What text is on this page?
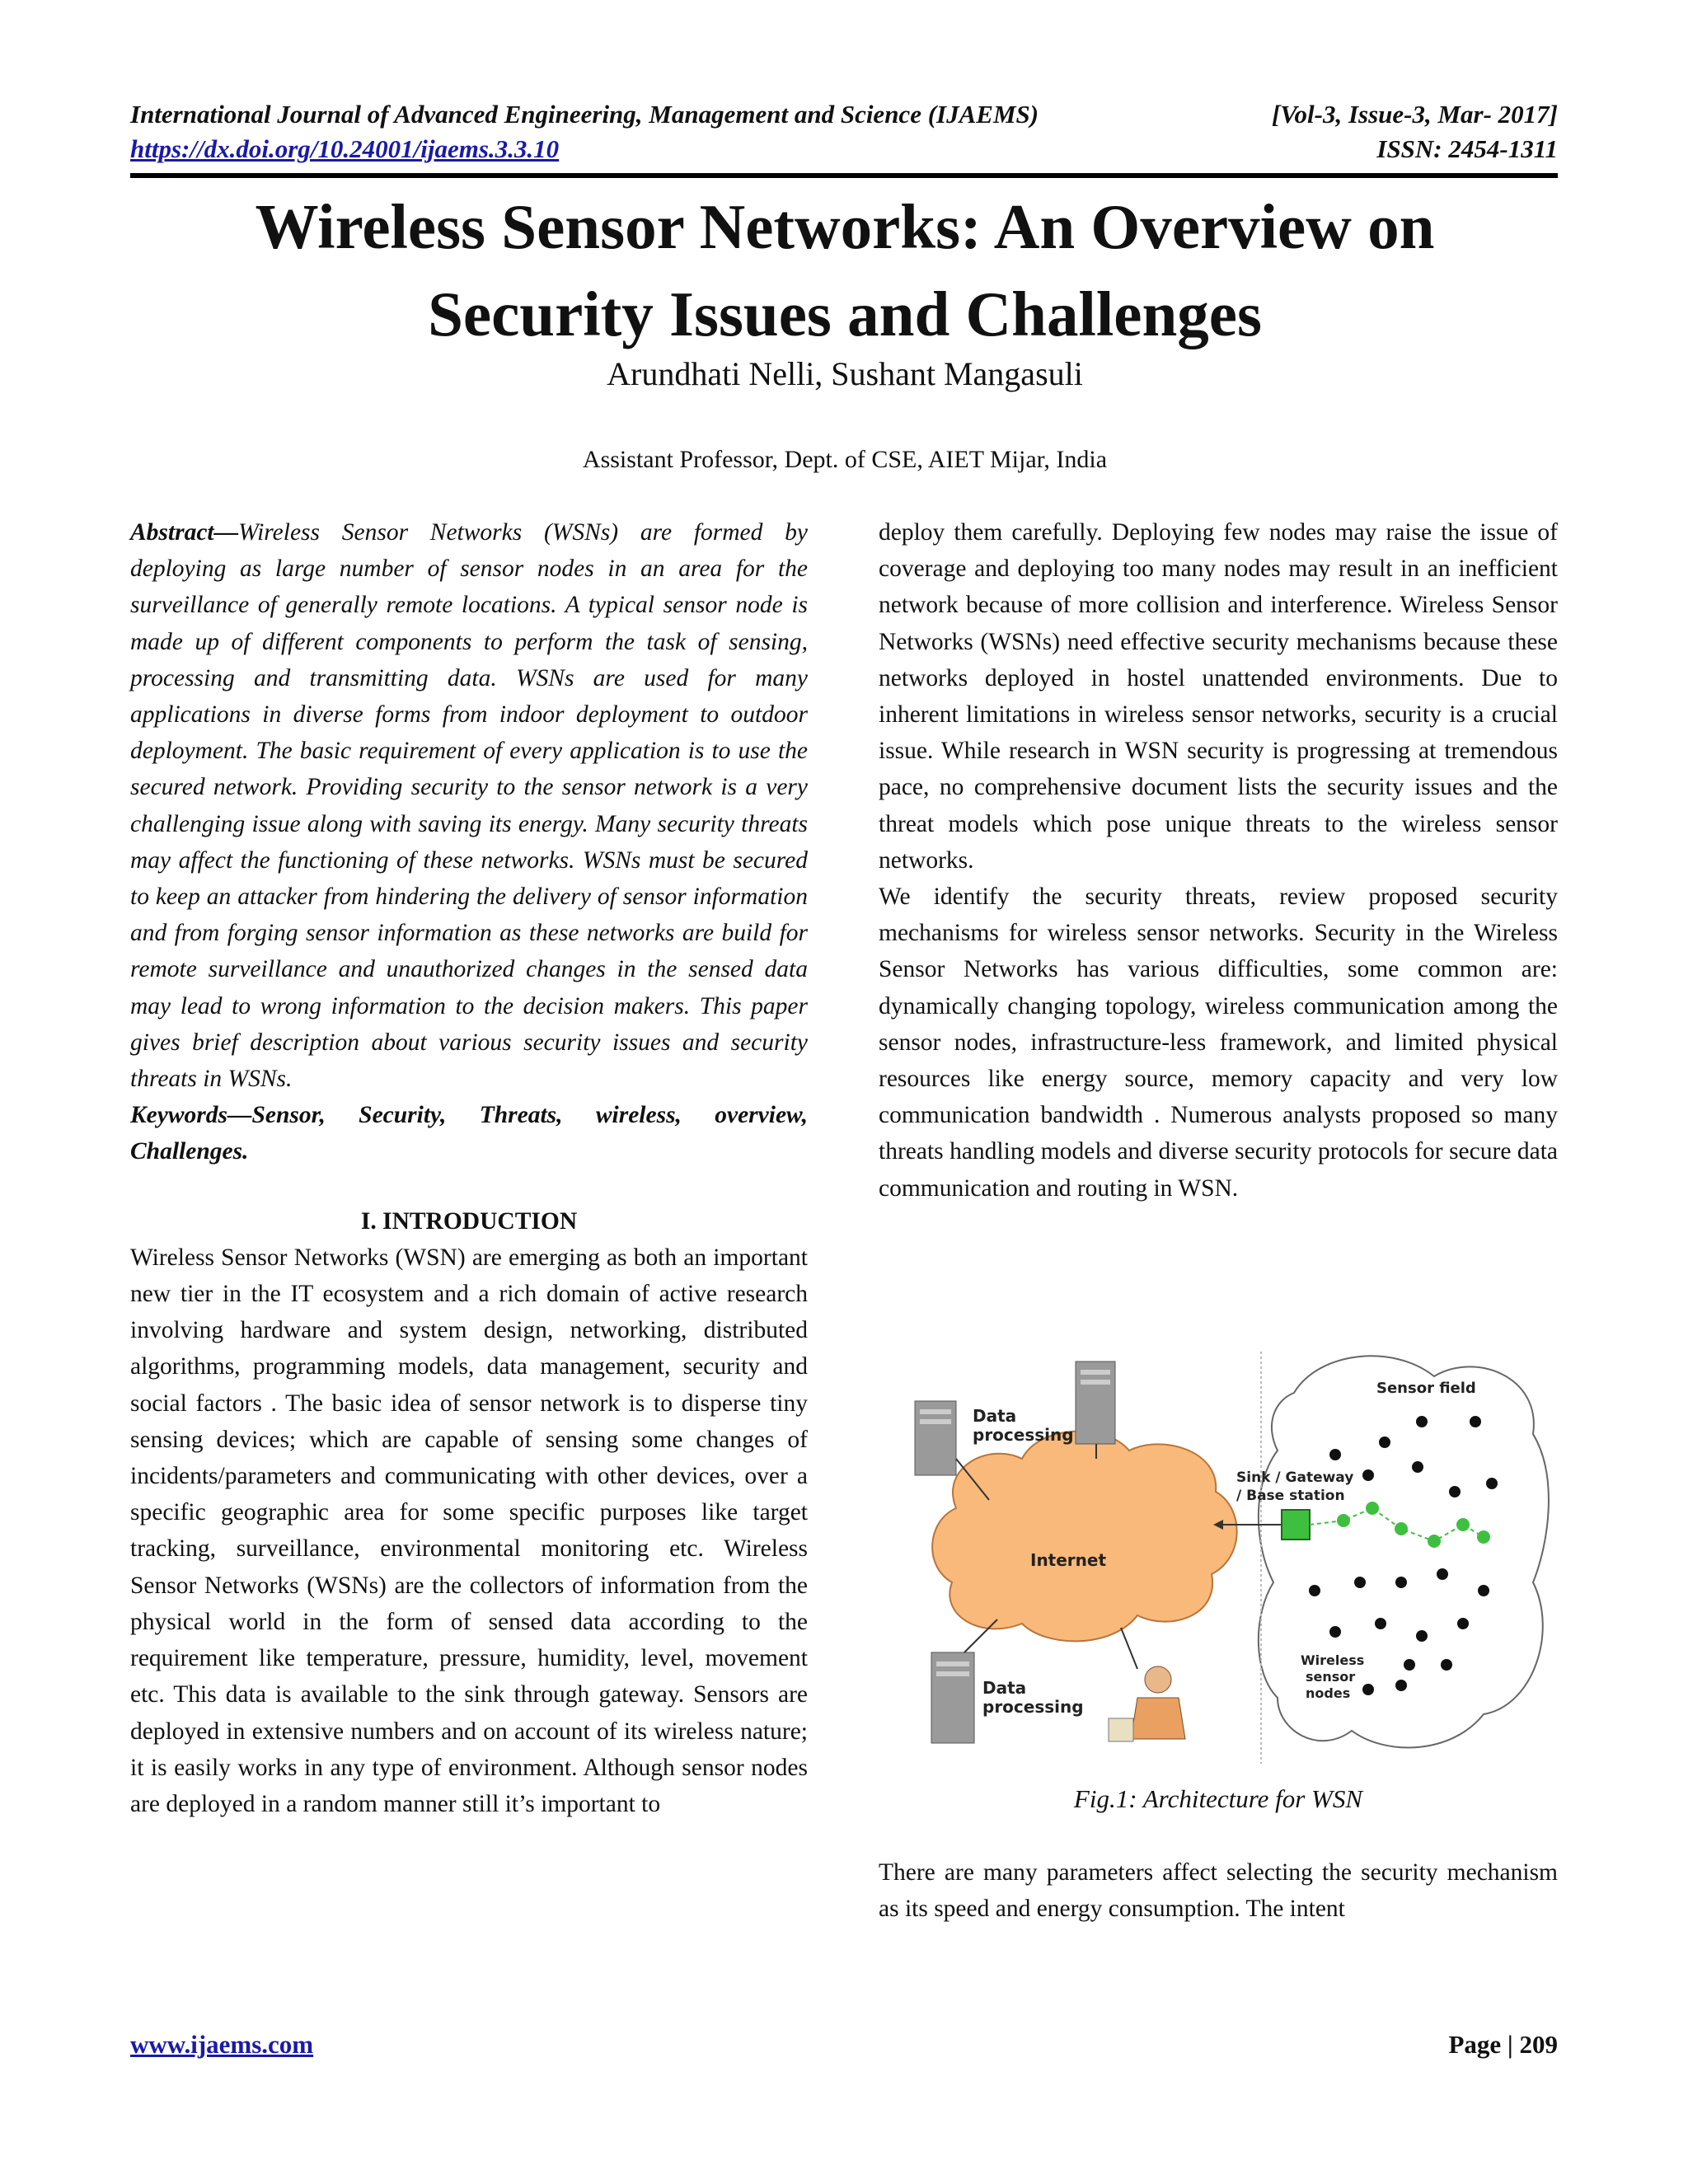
International Journal of Advanced Engineering, Management and Science (IJAEMS)	[Vol-3, Issue-3, Mar- 2017]
https://dx.doi.org/10.24001/ijaems.3.3.10	ISSN: 2454-1311
Wireless Sensor Networks: An Overview on
Security Issues and Challenges
Arundhati Nelli, Sushant Mangasuli
Assistant Professor, Dept. of CSE, AIET Mijar, India

Abstract—Wireless Sensor Networks (WSNs) are formed by deploying as large number of sensor nodes in an area for the surveillance of generally remote locations. A typical sensor node is made up of different components to perform the task of sensing, processing and transmitting data. WSNs are used for many applications in diverse forms from indoor deployment to outdoor deployment. The basic requirement of every application is to use the secured network. Providing security to the sensor network is a very challenging issue along with saving its energy. Many security threats may affect the functioning of these networks. WSNs must be secured to keep an attacker from hindering the delivery of sensor information and from forging sensor information as these networks are build for remote surveillance and unauthorized changes in the sensed data may lead to wrong information to the decision makers. This paper gives brief description about various security issues and security threats in WSNs.

Keywords—Sensor, Security, Threats, wireless, overview, Challenges.

I. INTRODUCTION

Wireless Sensor Networks (WSN) are emerging as both an important new tier in the IT ecosystem and a rich domain of active research involving hardware and system design, networking, distributed algorithms, programming models, data management, security and social factors . The basic idea of sensor network is to disperse tiny sensing devices; which are capable of sensing some changes of incidents/parameters and communicating with other devices, over a specific geographic area for some specific purposes like target tracking, surveillance, environmental monitoring etc. Wireless Sensor Networks (WSNs) are the collectors of information from the physical world in the form of sensed data according to the requirement like temperature, pressure, humidity, level, movement etc. This data is available to the sink through gateway. Sensors are deployed in extensive numbers and on account of its wireless nature; it is easily works in any type of environment. Although sensor nodes are deployed in a random manner still it’s important to

deploy them carefully. Deploying few nodes may raise the issue of coverage and deploying too many nodes may result in an inefficient network because of more collision and interference. Wireless Sensor Networks (WSNs) need effective security mechanisms because these networks deployed in hostel unattended environments. Due to inherent limitations in wireless sensor networks, security is a crucial issue. While research in WSN security is progressing at tremendous pace, no comprehensive document lists the security issues and the threat models which pose unique threats to the wireless sensor networks.

We identify the security threats, review proposed security mechanisms for wireless sensor networks. Security in the Wireless Sensor Networks has various difficulties, some common are: dynamically changing topology, wireless communication among the sensor nodes, infrastructure-less framework, and limited physical resources like energy source, memory capacity and very low communication bandwidth . Numerous analysts proposed so many threats handling models and diverse security protocols for secure data communication and routing in WSN.

Data
processing
Sink / Gateway
/ Base station
Sensor field
Internet
Wireless
sensor
nodes
Data
processing
Fig.1: Architecture for WSN

There are many parameters affect selecting the security mechanism as its speed and energy consumption. The intent

www.ijaems.com	Page | 209
